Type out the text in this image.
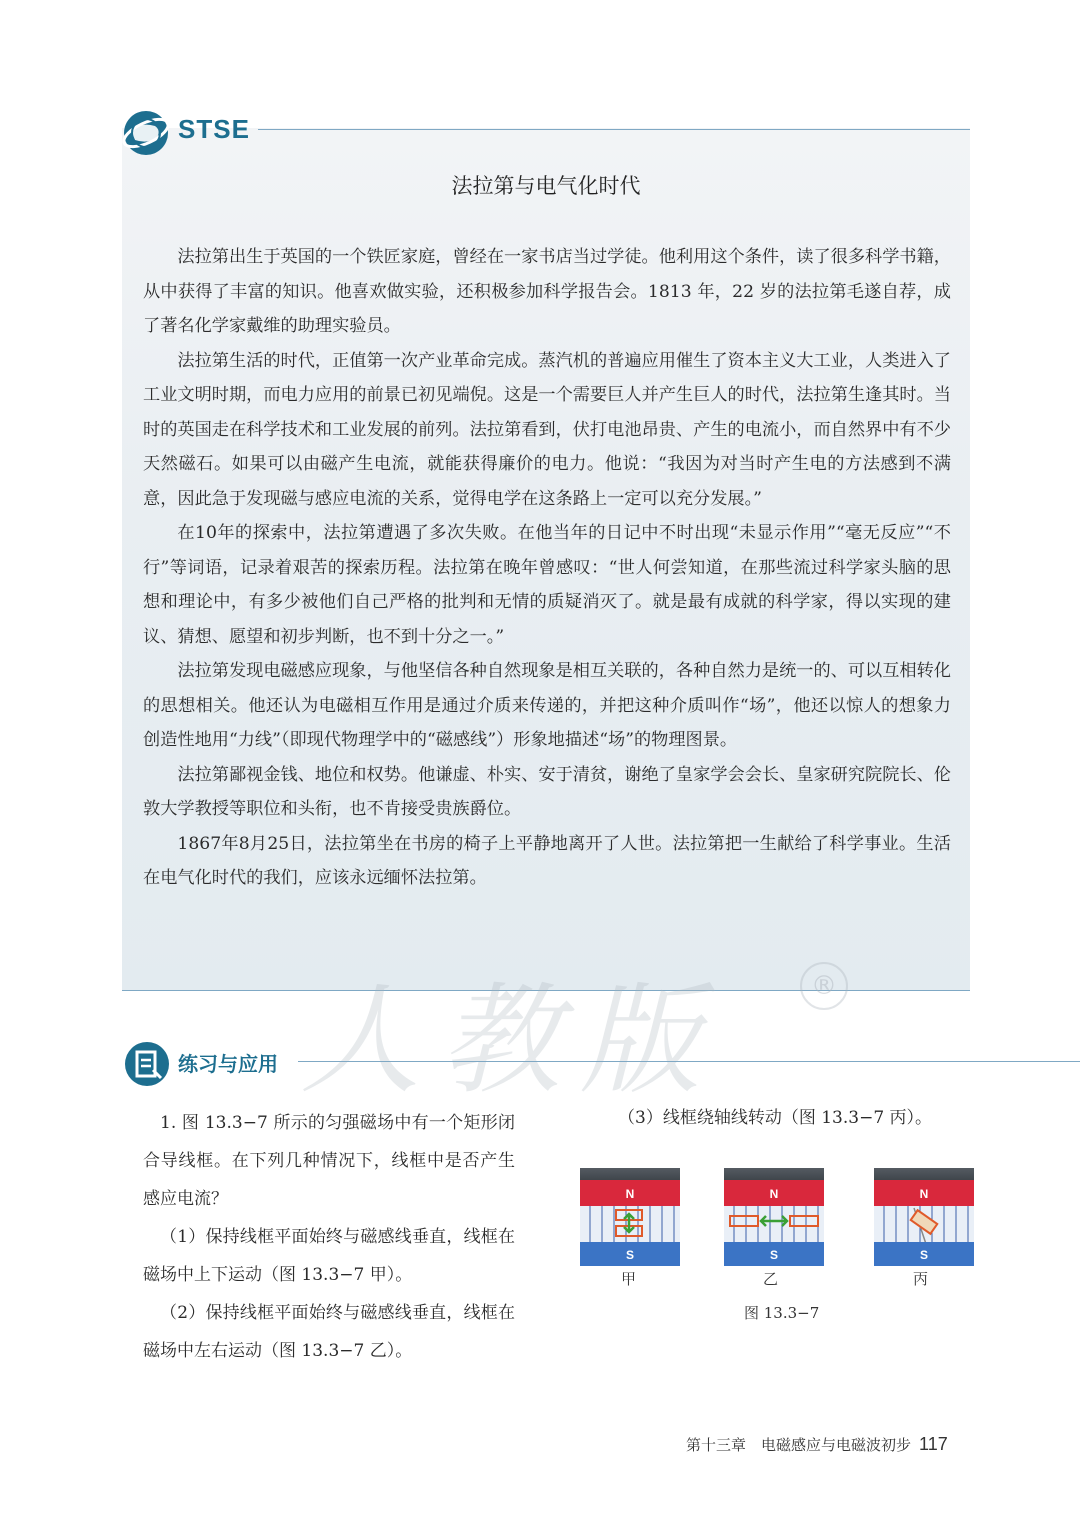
STSE
法拉第与电气化时代

法拉第出生于英国的一个铁匠家庭，曾经在一家书店当过学徒。他利用这个条件，读了很多科学书籍，从中获得了丰富的知识。他喜欢做实验，还积极参加科学报告会。1813 年，22 岁的法拉第毛遂自荐，成了著名化学家戴维的助理实验员。

法拉第生活的时代，正值第一次产业革命完成。蒸汽机的普遍应用催生了资本主义大工业，人类进入了工业文明时期，而电力应用的前景已初见端倪。这是一个需要巨人并产生巨人的时代，法拉第生逢其时。当时的英国走在科学技术和工业发展的前列。法拉第看到，伏打电池昂贵、产生的电流小，而自然界中有不少天然磁石。如果可以由磁产生电流，就能获得廉价的电力。他说：“我因为对当时产生电的方法感到不满意，因此急于发现磁与感应电流的关系，觉得电学在这条路上一定可以充分发展。”

在10年的探索中，法拉第遭遇了多次失败。在他当年的日记中不时出现“未显示作用”“毫无反应”“不行”等词语，记录着艰苦的探索历程。法拉第在晚年曾感叹：“世人何尝知道，在那些流过科学家头脑的思想和理论中，有多少被他们自己严格的批判和无情的质疑消灭了。就是最有成就的科学家，得以实现的建议、猜想、愿望和初步判断，也不到十分之一。”

法拉第发现电磁感应现象，与他坚信各种自然现象是相互关联的，各种自然力是统一的、可以互相转化的思想相关。他还认为电磁相互作用是通过介质来传递的，并把这种介质叫作“场”，他还以惊人的想象力创造性地用“力线”（即现代物理学中的“磁感线”）形象地描述“场”的物理图景。

法拉第鄙视金钱、地位和权势。他谦虚、朴实、安于清贫，谢绝了皇家学会会长、皇家研究院院长、伦敦大学教授等职位和头衔，也不肯接受贵族爵位。

1867年8月25日，法拉第坐在书房的椅子上平静地离开了人世。法拉第把一生献给了科学事业。生活在电气化时代的我们，应该永远缅怀法拉第。

人教版	®
练习与应用

1. 图 13.3−7 所示的匀强磁场中有一个矩形闭合导线框。在下列几种情况下，线框中是否产生感应电流？

（1）保持线框平面始终与磁感线垂直，线框在磁场中上下运动（图 13.3−7 甲）。

（2）保持线框平面始终与磁感线垂直，线框在磁场中左右运动（图 13.3−7 乙）。

（3）线框绕轴线转动（图 13.3−7 丙）。
N
S
N
S
N
S
甲	乙	丙
图 13.3−7
第十三章　电磁感应与电磁波初步 117
